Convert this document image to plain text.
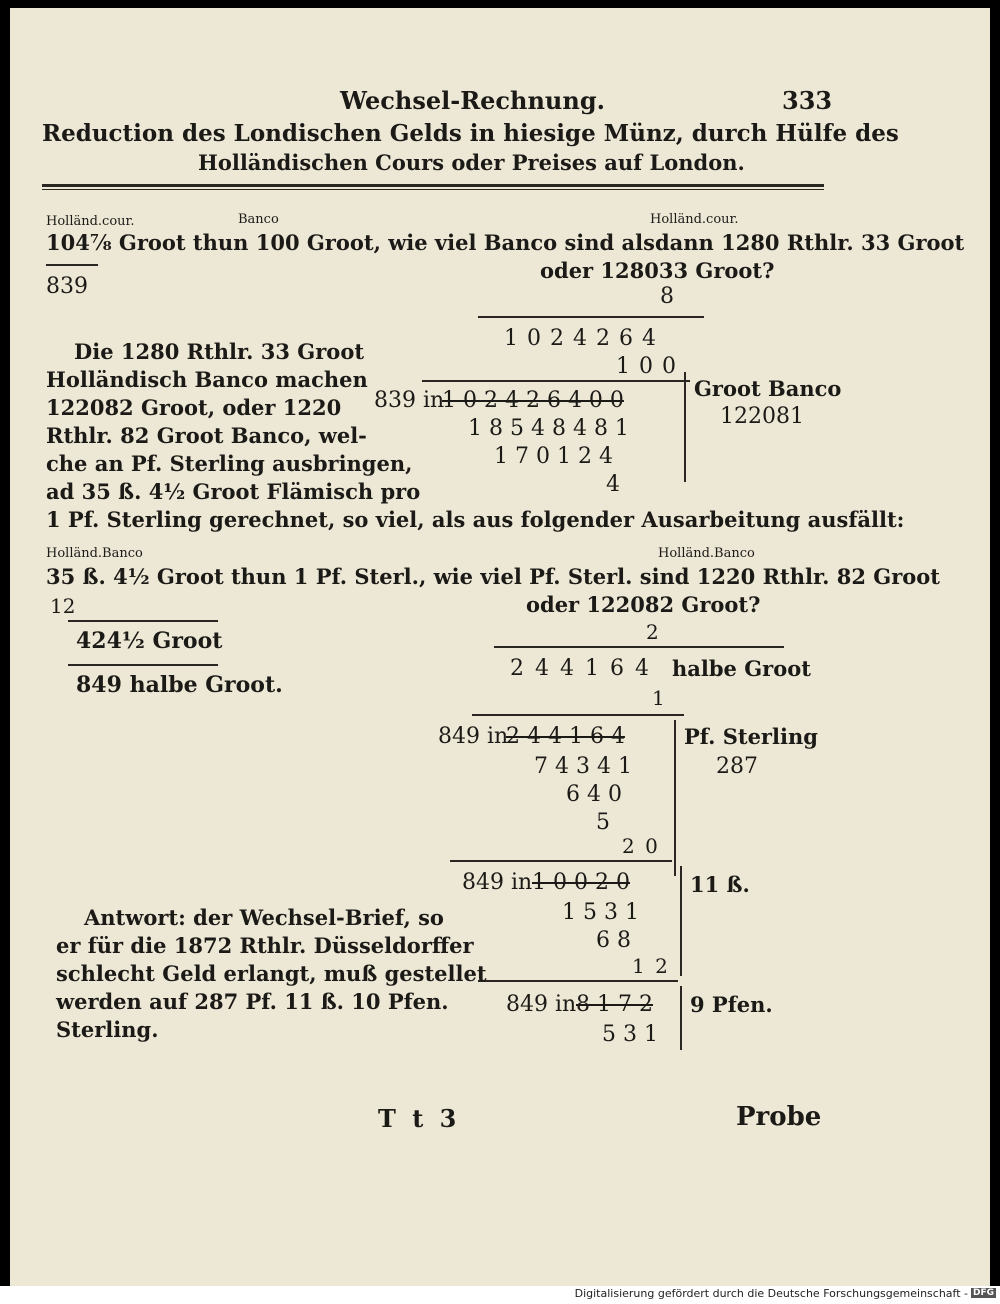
Wechsel-Rechnung.	333
Reduction des Londischen Gelds in hiesige Münz, durch Hülfe des
Holländischen Cours oder Preises auf London.
Holländ.cour.	Banco	Holländ.cour.
104⅞ Groot thun 100 Groot, wie viel Banco sind alsdann 1280 Rthlr. 33 Groot
oder 128033 Groot?
839	8
1 0 2 4 2 6 4
1 0 0
839 in
1 0 2 4 2 6 4 0 0
1 8 5 4 8 4 8 1
1 7 0 1 2 4
4
Groot Banco
122081
Die 1280 Rthlr. 33 Groot
Holländisch Banco machen
122082 Groot, oder 1220
Rthlr. 82 Groot Banco, wel-
che an Pf. Sterling ausbringen,
ad 35 ß. 4½ Groot Flämisch pro
1 Pf. Sterling gerechnet, so viel, als aus folgender Ausarbeitung ausfällt:
Holländ.Banco	Holländ.Banco
35 ß. 4½ Groot thun 1 Pf. Sterl., wie viel Pf. Sterl. sind 1220 Rthlr. 82 Groot
oder 122082 Groot?
12
424½ Groot
849 halbe Groot.
2
2 4 4 1 6 4 halbe Groot
1
849 in
2 4 4 1 6 4
7 4 3 4 1
6 4 0
5
Pf. Sterling
287
2 0
849 in 1 0 0 2 0
1 5 3 1
6 8
11 ß.
1 2
849 in 8 1 7 2
5 3 1
9 Pfen.
Antwort: der Wechsel-Brief, so
er für die 1872 Rthlr. Düsseldorffer
schlecht Geld erlangt, muß gestellet
werden auf 287 Pf. 11 ß. 10 Pfen.
Sterling.
T t 3	Probe
Digitalisierung gefördert durch die Deutsche Forschungsgemeinschaft - DFG
